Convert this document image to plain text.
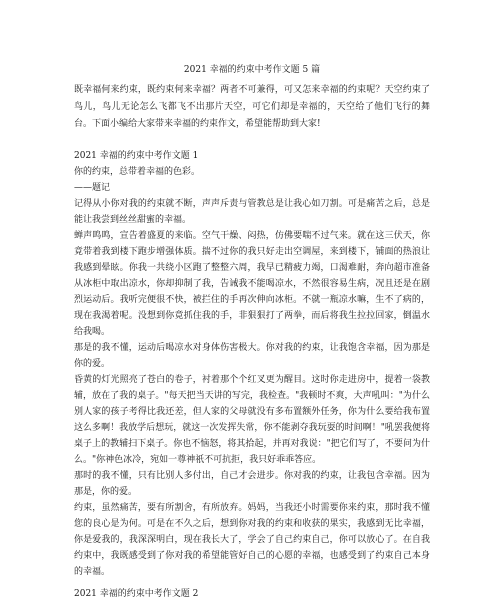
2021 幸福的约束中考作文题 5 篇

既幸福何来约束，既约束何来幸福？两者不可兼得，可又怎来幸福的约束呢？天空约束了鸟儿，鸟儿无论怎么飞都飞不出那片天空，可它们却是幸福的，天空给了他们飞行的舞台。下面小编给大家带来幸福的约束作文，希望能帮助到大家!

2021 幸福的约束中考作文题 1

你的约束，总带着幸福的色彩。

——题记

记得从小你对我的约束就不断，声声斥责与管教总是让我心如刀割。可是痛苦之后，总是能让我尝到丝丝甜蜜的幸福。

蝉声鸣鸣，宣告着盛夏的来临。空气干燥、闷热，仿佛要喘不过气来。就在这三伏天，你竟带着我到楼下跑步增强体质。揣不过你的我只好走出空调屋，来到楼下，铺面的热浪让我感到晕眩。你我一共绕小区跑了整整六周，我早已精疲力竭，口渴难耐，奔向超市准备从冰柜中取出凉水，你却抑制了我，告诫我不能喝凉水，不然很容易生病，况且还是在剧烈运动后。我听完便很不快，被拦住的手再次伸向冰柜。不就一瓶凉水嘛，生不了病的，现在我渴着呢。没想到你竟抓住我的手，非狠狠打了两拳，而后将我生拉拉回家，倒温水给我喝。

那是的我不懂，运动后喝凉水对身体伤害极大。你对我的约束，让我饱含幸福，因为那是你的爱。

昏黄的灯光照亮了苍白的卷子，衬着那个个红叉更为醒目。这时你走进房中，提着一袋教辅，放在了我的桌子。"每天把当天讲的写完，我检查。"我顿时不爽，大声吼叫："为什么别人家的孩子考得比我还差，但人家的父母就没有多布置额外任务，你为什么要给我布置这么多啊！我放学后想玩，就这一次发挥失常，你不能剥夺我玩耍的时间啊！"吼罢我便将桌子上的教辅扫下桌子。你也不恼怒，将其拾起，并再对我说："把它们写了，不要问为什么。"你神色冰冷，宛如一尊神祇不可抗拒，我只好乖乖答应。

那时的我不懂，只有比别人多付出，自己才会进步。你对我的约束，让我包含幸福。因为那是，你的爱。

约束，虽然痛苦，要有所割舍，有所放弃。妈妈，当我还小时需要你来约束，那时我不懂您的良心是为何。可是在不久之后，想到你对我的约束和收获的果实，我感到无比幸福，你是爱我的，我深深明白，现在我长大了，学会了自己约束自己，你可以放心了。在自我约束中，我既感受到了你对我的希望能管好自己的心愿的幸福，也感受到了约束自己本身的幸福。

2021 幸福的约束中考作文题 2
